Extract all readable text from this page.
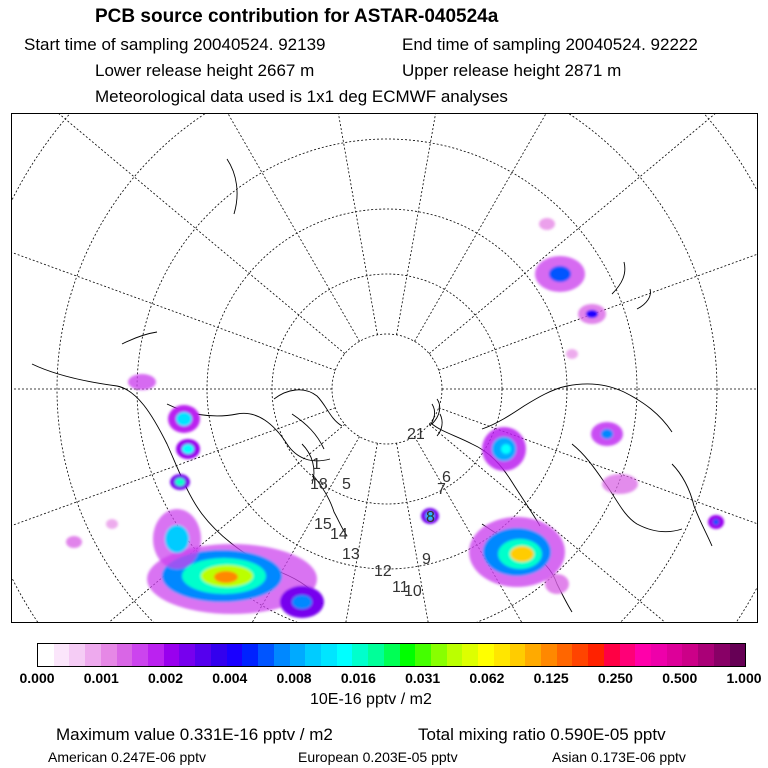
PCB source contribution for ASTAR-040524a
Start time of sampling 20040524. 92139	End time of sampling 20040524. 92222
Lower release height 2667 m	Upper release height 2871 m
Meteorological data used is 1x1 deg ECMWF analyses
21
6
7
8
1
18 5
15
14
13
12
11
10
9
0.000 0.001 0.002 0.004 0.008 0.016 0.031 0.062 0.125 0.250 0.500 1.000
10E-16 pptv / m2
Maximum value 0.331E-16 pptv / m2	Total mixing ratio 0.590E-05 pptv
American 0.247E-06 pptv	European 0.203E-05 pptv	Asian 0.173E-06 pptv
